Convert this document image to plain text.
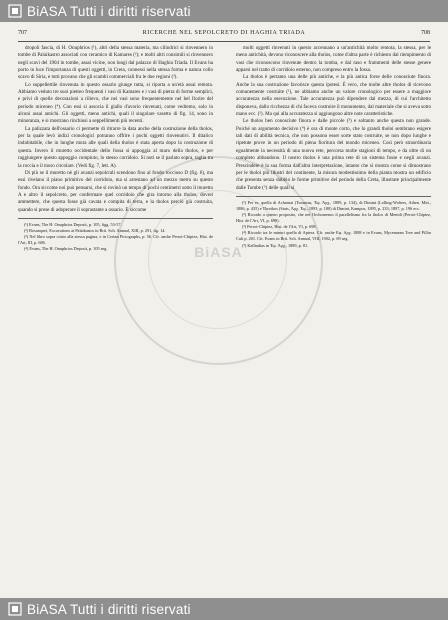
BiASA Tutti i diritti riservati
BiASA
707	RICERCHE NEL SEPOLCRETO DI HAGHIA TRIADA	708

dropoli fascia, di H. Onuphrios (¹), altri della stessa materia, ma cilindrici si rinvennero in tombe di Palaikastro associati con ceramico di Kamares (²); e molti altri consimili si rinvennero negli scavi del 1904 in tombe, assai vicine, non lungi dal palazzo di Haghia Triada. Il Evans ha porto in luce l'importanza di questi oggetti, in Creta, connessi nella stessa forma e natura collo scavo di Siria, e tutti provano che gli scambi commerciali fra le due regioni (³).

Lo suppellettile rinvenuta in questo ossario giunge tutta, si riporta a un'età assai remota. Abbiamo veduto tre suoi pietreo frequenti i vasi di Kamares e i vasi di pietra di forme semplici, e privi di quelle decorazioni a rilievo, che nei vasi sono frequentemente nel bel fiorire del periodo miceneo (⁴). Con essi si associa il giallo d'avorio rinvenuti, come vedremo, solo in alcuni assai antichi. Gli oggetti, meno antichi, quali il singolare vasetto di fig. 14, sono in minoranza, e si mostrano rinchiusi a seppellimenti più recenti.

La palizzata dell'ossario ci permette di ritrarre la data anche della costruzione della tholos, per la quale levò indizi cronologici potranno offrire i pochi oggetti rinvenutivi. Il ditalico indubitabile, che in lunghe mura alle quali della tholos è stata aperta dopo la costruzione di questa. Invero il muretto occidentale dello fossa si appoggia al muro della tholos, e per raggiungere questo appoggio compiuto, lo stesso corridoio. Si noti se il parlato sopra, taglia tra la roccia e il muro circolare. (Vedi fig. 7, lett. A).

Di più se il muretto nè gli avanzi sepolcrali scendono fino al fondo roccioso D (fig. 6), ma essi rivelano il piano primitivo del corridoio, ma si arrestano ad un mezzo metro su questo fondo. Ora siccome noi può pensarsi, che si rovinò un tempo di pochi centimetri sotto il muretto A e altro il sepolcreto, per confermare quel corridoio che gira intorno alla tholos, dovrei ammettere, che questa fosse già cavata e compita di terra, e la tholos perciò già costruita, quando si prese di adoperare il soprastante a ossario. E siccome

(¹) Evans, The H. Onuphrios Deposit, p. 105, figg. 53-57.
(²) Bosanquet, Excavations at Palaikastro in Brit. Sch. Annual, XIII, p. 291, fig. 14.
(³) Nel libro sopra citato alla stessa pagina, e in Cretan Pictographs, p. 56. Cfr. anche Perrot-Chipiez, Hist. de l'Art, III, p. 686.
(⁴) Evans, The H. Onuphrios Deposit, p. 105 seg.

molti oggetti rinvenuti in questo accennano a un'antichità molto remota, la stessa, per le meno antichità, devono riconoscere alla tholos, come d'altra parte è richiesto dal riempimento di vasi che riconoscono rinvenute dentro la tomba, e dal raso e frammenti delle stesse genere apparsi nel tratto di corridoio esterno, non compreso entro la fossa.

La tholos è pertanto una delle più antiche, e la più antica forse delle conosciute finora. Anche la sua costruzione favorisce questa ipotesi. È vero, che molte altre tholos di ricevono comunemente costruite (¹), ne abbiamo anche un valore cronologico per essere a maggiore accuratezza nella esecuzione. Tale accuratezza può dipendere dal mezzo, di cui l'architetto disponeva, dallo ricchezza di chi faceva costruire il monumento, dal materiale che si aveva sotto mano ecc. (²). Ma qui alla accuratezza si aggiungono altre note caratteristiche.

Le tholos ben conosciute finora e dalle piccole (³) e soltanto anche questa non grande. Poiché un argomento decisivo (⁴) è ora di monte corto, che lo grandi tholoi sembrano esigere tali dati di abilità tecnica, che non possono esser sorte stato costruite, se non dopo lunghe e ripetute prove in un periodo di piena fioritura del mondo miceneo. Così però straordinaria egualmente la necessità di una nuova rete, percorsa molte stagioni di tempo, e da oltre di un completo abbandono. Il nostro tholos è una prima rete di un sistema fosse e negli avanzi. Prescindere è la sua forma dall'altra interpretazione, intanto che si mostra come si dimostrano per le tholoi più illustri del continente, la misura modestissimo della pianta mostra un edificio che presenta senza dubbio le forme primitive del periodo della Creta, illustrate principalmente dalle Tombe (⁵) delle quali si

(¹) Per es. quella di Acharnai (Tsountas, Ἐφ. Ἀρχ., 1889, p. 134), di Dimini (Lolling-Wolters, Athen. Mitt., 1886, p. 435) e Thorikos (Stais, Ἀρχ. Ἐφ., 1893, p. 180) di Dimini, Kampos, 1895, p. 233; 1897, p. 196 ecc.
(²) Ricordo a questo proposito, che nei Orchomenos il parallelismo fra la tholos di Menidi (Perrot-Chipiez, Hist. de l'Art, VI, p. 698).
(³) Perrot-Chipiez, Hist. de l'Art, VI, p. 698.
(⁴) Ricordo tra le minori quella di Aptera. Cfr. anche Εφ. Αρχ. 1888 e in Evans, Mycenaean Tree and Pillar Cult p. 201. Cfr. Evans in Brit. Sch. Annual, VIII, 1902, p. 69 seg.
(⁵) Kalliadias in Ἐφ. Ἀρχ., 1889, p. 81.
BiASA Tutti i diritti riservati
